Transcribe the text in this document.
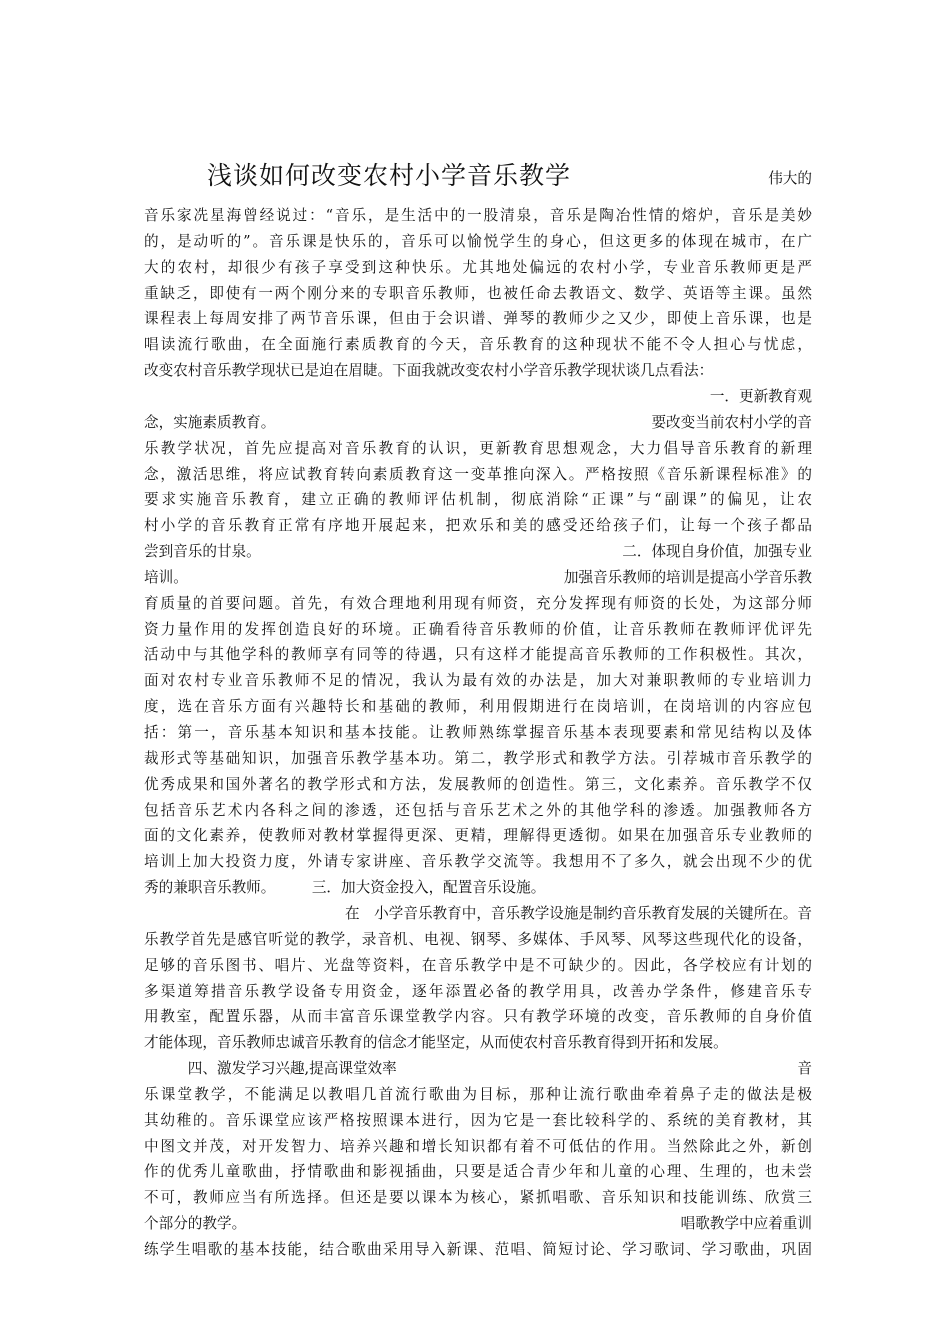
浅谈如何改变农村小学音乐教学	伟大的
音乐家冼星海曾经说过：“音乐，是生活中的一股清泉，音乐是陶冶性情的熔炉，音乐是美妙
的，是动听的”。音乐课是快乐的，音乐可以愉悦学生的身心，但这更多的体现在城市，在广
大的农村，却很少有孩子享受到这种快乐。尤其地处偏远的农村小学，专业音乐教师更是严
重缺乏，即使有一两个刚分来的专职音乐教师，也被任命去教语文、数学、英语等主课。虽然
课程表上每周安排了两节音乐课，但由于会识谱、弹琴的教师少之又少，即使上音乐课，也是
唱读流行歌曲，在全面施行素质教育的今天，音乐教育的这种现状不能不令人担心与忧虑，
改变农村音乐教学现状已是迫在眉睫。下面我就改变农村小学音乐教学现状谈几点看法：
一．更新教育观
念，实施素质教育。	要改变当前农村小学的音
乐教学状况，首先应提高对音乐教育的认识，更新教育思想观念，大力倡导音乐教育的新理
念，激活思维，将应试教育转向素质教育这一变革推向深入。严格按照《音乐新课程标准》的
要求实施音乐教育，建立正确的教师评估机制，彻底消除“正课”与“副课”的偏见，让农
村小学的音乐教育正常有序地开展起来，把欢乐和美的感受还给孩子们，让每一个孩子都品
尝到音乐的甘泉。	二．体现自身价值，加强专业
培训。	加强音乐教师的培训是提高小学音乐教
育质量的首要问题。首先，有效合理地利用现有师资，充分发挥现有师资的长处，为这部分师
资力量作用的发挥创造良好的环境。正确看待音乐教师的价值，让音乐教师在教师评优评先
活动中与其他学科的教师享有同等的待遇，只有这样才能提高音乐教师的工作积极性。其次，
面对农村专业音乐教师不足的情况，我认为最有效的办法是，加大对兼职教师的专业培训力
度，选在音乐方面有兴趣特长和基础的教师，利用假期进行在岗培训，在岗培训的内容应包
括：第一，音乐基本知识和基本技能。让教师熟练掌握音乐基本表现要素和常见结构以及体
裁形式等基础知识，加强音乐教学基本功。第二，教学形式和教学方法。引荐城市音乐教学的
优秀成果和国外著名的教学形式和方法，发展教师的创造性。第三，文化素养。音乐教学不仅
包括音乐艺术内各科之间的渗透，还包括与音乐艺术之外的其他学科的渗透。加强教师各方
面的文化素养，使教师对教材掌握得更深、更精，理解得更透彻。如果在加强音乐专业教师的
培训上加大投资力度，外请专家讲座、音乐教学交流等。我想用不了多久，就会出现不少的优
秀的兼职音乐教师。　　　三．加大资金投入，配置音乐设施。
在　小学音乐教育中，音乐教学设施是制约音乐教育发展的关键所在。音
乐教学首先是感官听觉的教学，录音机、电视、钢琴、多媒体、手风琴、风琴这些现代化的设备，
足够的音乐图书、唱片、光盘等资料，在音乐教学中是不可缺少的。因此，各学校应有计划的
多渠道筹措音乐教学设备专用资金，逐年添置必备的教学用具，改善办学条件，修建音乐专
用教室，配置乐器，从而丰富音乐课堂教学内容。只有教学环境的改变，音乐教师的自身价值
才能体现，音乐教师忠诚音乐教育的信念才能坚定，从而使农村音乐教育得到开拓和发展。
　　　四、激发学习兴趣,提高课堂效率	音
乐课堂教学，不能满足以教唱几首流行歌曲为目标，那种让流行歌曲牵着鼻子走的做法是极
其幼稚的。音乐课堂应该严格按照课本进行，因为它是一套比较科学的、系统的美育教材，其
中图文并茂，对开发智力、培养兴趣和增长知识都有着不可低估的作用。当然除此之外，新创
作的优秀儿童歌曲，抒情歌曲和影视插曲，只要是适合青少年和儿童的心理、生理的，也未尝
不可，教师应当有所选择。但还是要以课本为核心，紧抓唱歌、音乐知识和技能训练、欣赏三
个部分的教学。	唱歌教学中应着重训
练学生唱歌的基本技能，结合歌曲采用导入新课、范唱、简短讨论、学习歌词、学习歌曲，巩固
